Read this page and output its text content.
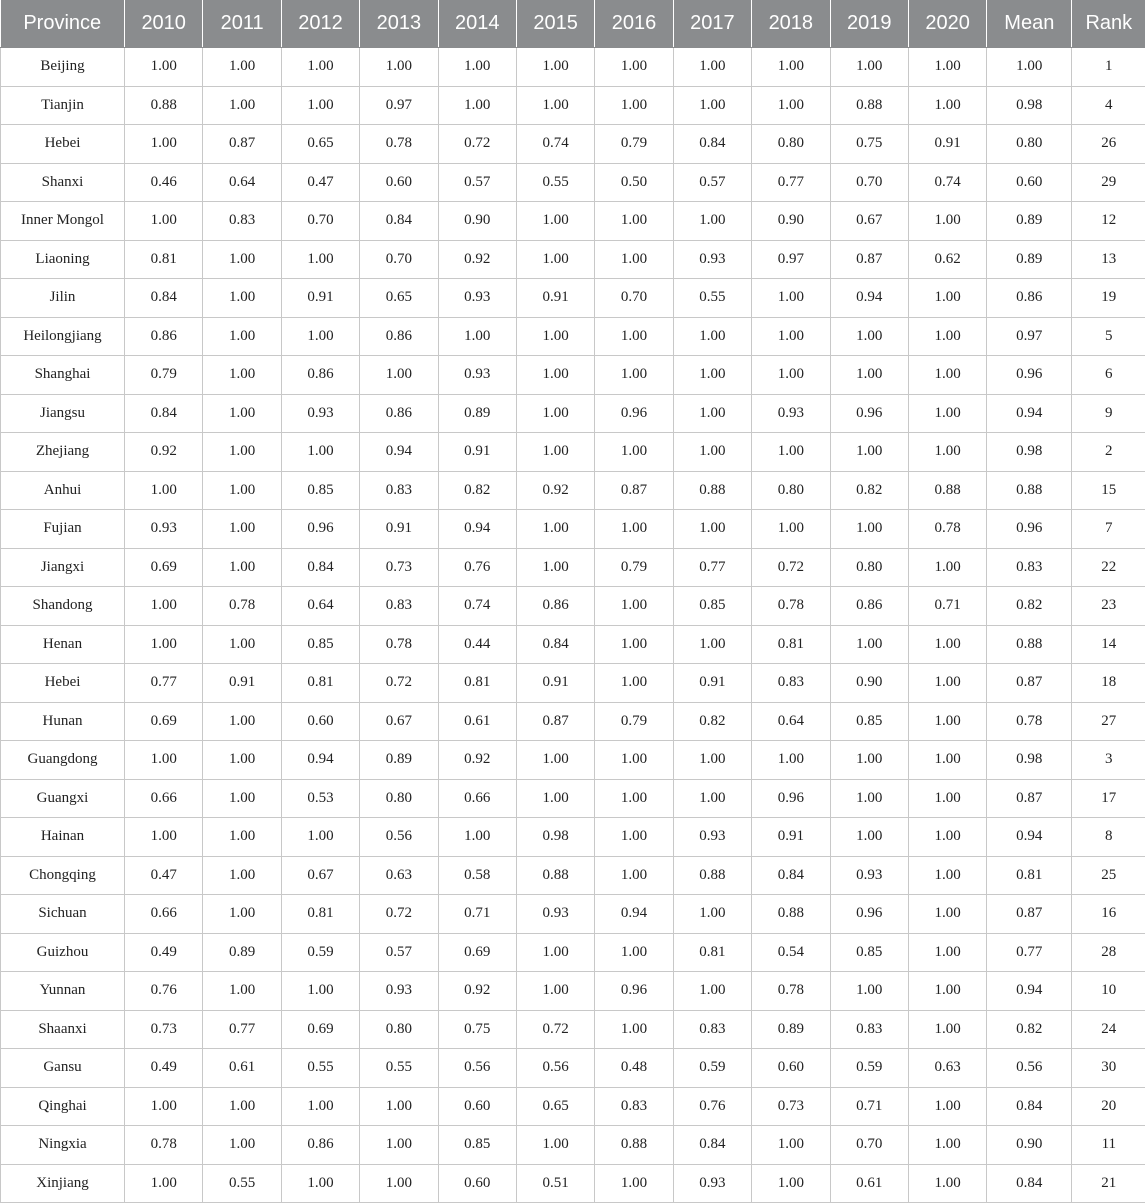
Province	2010	2011	2012	2013	2014	2015	2016	2017	2018	2019	2020	Mean	Rank
Beijing	1.00	1.00	1.00	1.00	1.00	1.00	1.00	1.00	1.00	1.00	1.00	1.00	1
Tianjin	0.88	1.00	1.00	0.97	1.00	1.00	1.00	1.00	1.00	0.88	1.00	0.98	4
Hebei	1.00	0.87	0.65	0.78	0.72	0.74	0.79	0.84	0.80	0.75	0.91	0.80	26
Shanxi	0.46	0.64	0.47	0.60	0.57	0.55	0.50	0.57	0.77	0.70	0.74	0.60	29
Inner Mongol	1.00	0.83	0.70	0.84	0.90	1.00	1.00	1.00	0.90	0.67	1.00	0.89	12
Liaoning	0.81	1.00	1.00	0.70	0.92	1.00	1.00	0.93	0.97	0.87	0.62	0.89	13
Jilin	0.84	1.00	0.91	0.65	0.93	0.91	0.70	0.55	1.00	0.94	1.00	0.86	19
Heilongjiang	0.86	1.00	1.00	0.86	1.00	1.00	1.00	1.00	1.00	1.00	1.00	0.97	5
Shanghai	0.79	1.00	0.86	1.00	0.93	1.00	1.00	1.00	1.00	1.00	1.00	0.96	6
Jiangsu	0.84	1.00	0.93	0.86	0.89	1.00	0.96	1.00	0.93	0.96	1.00	0.94	9
Zhejiang	0.92	1.00	1.00	0.94	0.91	1.00	1.00	1.00	1.00	1.00	1.00	0.98	2
Anhui	1.00	1.00	0.85	0.83	0.82	0.92	0.87	0.88	0.80	0.82	0.88	0.88	15
Fujian	0.93	1.00	0.96	0.91	0.94	1.00	1.00	1.00	1.00	1.00	0.78	0.96	7
Jiangxi	0.69	1.00	0.84	0.73	0.76	1.00	0.79	0.77	0.72	0.80	1.00	0.83	22
Shandong	1.00	0.78	0.64	0.83	0.74	0.86	1.00	0.85	0.78	0.86	0.71	0.82	23
Henan	1.00	1.00	0.85	0.78	0.44	0.84	1.00	1.00	0.81	1.00	1.00	0.88	14
Hebei	0.77	0.91	0.81	0.72	0.81	0.91	1.00	0.91	0.83	0.90	1.00	0.87	18
Hunan	0.69	1.00	0.60	0.67	0.61	0.87	0.79	0.82	0.64	0.85	1.00	0.78	27
Guangdong	1.00	1.00	0.94	0.89	0.92	1.00	1.00	1.00	1.00	1.00	1.00	0.98	3
Guangxi	0.66	1.00	0.53	0.80	0.66	1.00	1.00	1.00	0.96	1.00	1.00	0.87	17
Hainan	1.00	1.00	1.00	0.56	1.00	0.98	1.00	0.93	0.91	1.00	1.00	0.94	8
Chongqing	0.47	1.00	0.67	0.63	0.58	0.88	1.00	0.88	0.84	0.93	1.00	0.81	25
Sichuan	0.66	1.00	0.81	0.72	0.71	0.93	0.94	1.00	0.88	0.96	1.00	0.87	16
Guizhou	0.49	0.89	0.59	0.57	0.69	1.00	1.00	0.81	0.54	0.85	1.00	0.77	28
Yunnan	0.76	1.00	1.00	0.93	0.92	1.00	0.96	1.00	0.78	1.00	1.00	0.94	10
Shaanxi	0.73	0.77	0.69	0.80	0.75	0.72	1.00	0.83	0.89	0.83	1.00	0.82	24
Gansu	0.49	0.61	0.55	0.55	0.56	0.56	0.48	0.59	0.60	0.59	0.63	0.56	30
Qinghai	1.00	1.00	1.00	1.00	0.60	0.65	0.83	0.76	0.73	0.71	1.00	0.84	20
Ningxia	0.78	1.00	0.86	1.00	0.85	1.00	0.88	0.84	1.00	0.70	1.00	0.90	11
Xinjiang	1.00	0.55	1.00	1.00	0.60	0.51	1.00	0.93	1.00	0.61	1.00	0.84	21
